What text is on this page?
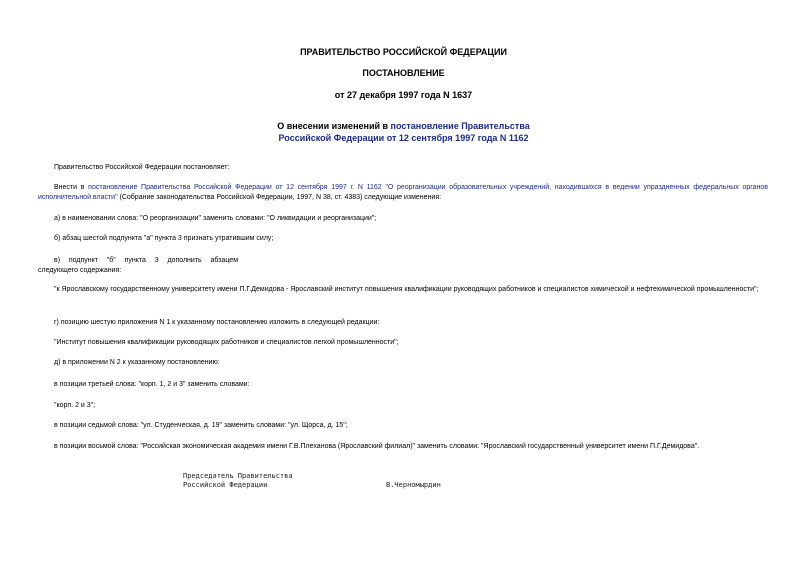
ПРАВИТЕЛЬСТВО РОССИЙСКОЙ ФЕДЕРАЦИИ
ПОСТАНОВЛЕНИЕ
от 27 декабря 1997 года N 1637
О внесении изменений в постановление Правительства
Российской Федерации от 12 сентября 1997 года N 1162
Правительство Российской Федерации постановляет:
Внести в постановление Правительства Российской Федерации от 12 сентября 1997 г. N 1162 "О реорганизации образовательных учреждений, находившихся в ведении упраздненных федеральных органов исполнительной власти" (Собрание законодательства Российской Федерации, 1997, N 38, ст. 4383) следующие изменения:
а) в наименовании слова: "О реорганизации" заменить словами: "О ликвидации и реорганизации";
б) абзац шестой подпункта "а" пункта 3 признать утратившим силу;
в) подпункт "б" пункта 3 дополнить абзацем следующего содержания:
"к Ярославскому государственному университету имени П.Г.Демидова - Ярославский институт повышения квалификации руководящих работников и специалистов химической и нефтехимической промышленности";
г) позицию шестую приложения N 1 к указанному постановлению изложить в следующей редакции:
"Институт повышения квалификации руководящих работников и специалистов легкой промышленности";
д) в приложении N 2 к указанному постановлению:
в позиции третьей слова: "корп. 1, 2 и 3" заменить словами:
"корп. 2 и 3";
в позиции седьмой слова: "ул. Студенческая, д. 19" заменить словами: "ул. Щорса, д. 15";
в позиции восьмой слова: "Российская экономическая академия имени Г.В.Плеханова (Ярославский филиал)" заменить словами: "Ярославский государственный университет имени П.Г.Демидова".
Председатель Правительства
Российской Федерации	В.Черномырдин
